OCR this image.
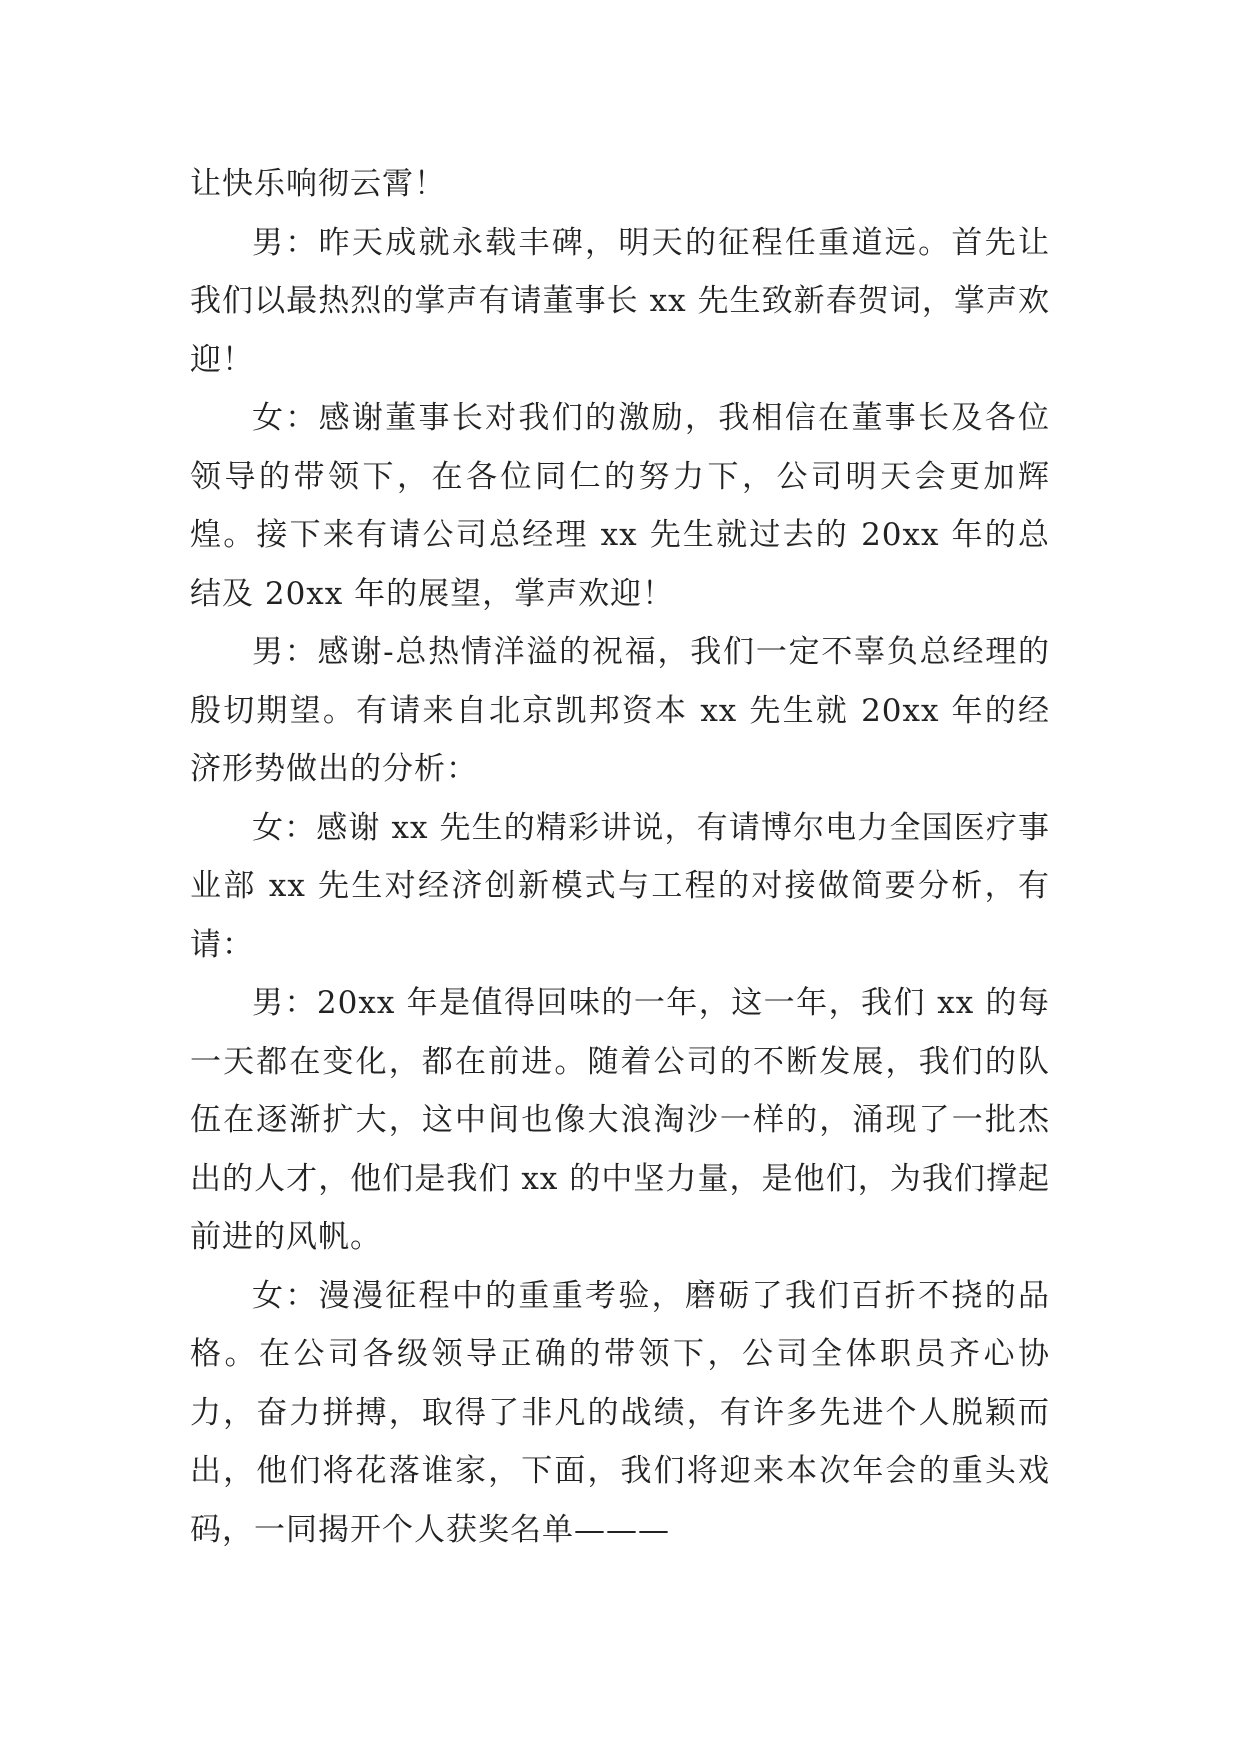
让快乐响彻云霄！

男：昨天成就永载丰碑，明天的征程任重道远。首先让我们以最热烈的掌声有请董事长 xx 先生致新春贺词，掌声欢迎！

女：感谢董事长对我们的激励，我相信在董事长及各位领导的带领下，在各位同仁的努力下，公司明天会更加辉煌。接下来有请公司总经理 xx 先生就过去的 20xx 年的总结及 20xx 年的展望，掌声欢迎！

男：感谢-总热情洋溢的祝福，我们一定不辜负总经理的殷切期望。有请来自北京凯邦资本 xx 先生就 20xx 年的经济形势做出的分析：

女：感谢 xx 先生的精彩讲说，有请博尔电力全国医疗事业部 xx 先生对经济创新模式与工程的对接做简要分析，有请：

男：20xx 年是值得回味的一年，这一年，我们 xx 的每一天都在变化，都在前进。随着公司的不断发展，我们的队伍在逐渐扩大，这中间也像大浪淘沙一样的，涌现了一批杰出的人才，他们是我们 xx 的中坚力量，是他们，为我们撑起前进的风帆。

女：漫漫征程中的重重考验，磨砺了我们百折不挠的品格。在公司各级领导正确的带领下，公司全体职员齐心协力，奋力拼搏，取得了非凡的战绩，有许多先进个人脱颖而出，他们将花落谁家，下面，我们将迎来本次年会的重头戏码，一同揭开个人获奖名单———
